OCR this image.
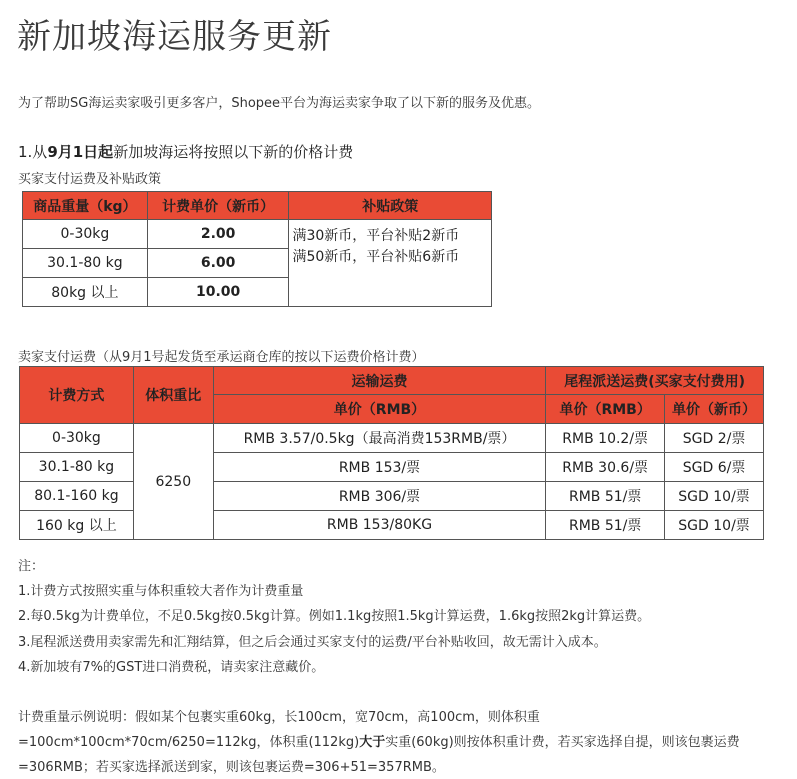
新加坡海运服务更新
为了帮助SG海运卖家吸引更多客户，Shopee平台为海运卖家争取了以下新的服务及优惠。
1.从9月1日起新加坡海运将按照以下新的价格计费
买家支付运费及补贴政策
商品重量（kg）	计费单价（新币）	补贴政策
0-30kg	2.00	满30新币，平台补贴2新币
满50新币，平台补贴6新币

30.1-80 kg	6.00	
80kg 以上	10.00	
卖家支付运费（从9月1号起发货至承运商仓库的按以下运费价格计费）
计费方式	体积重比	运输运费	尾程派送运费(买家支付费用)	
		单价（RMB）	单价（RMB）	单价（新币）
0-30kg	6250	RMB 3.57/0.5kg（最高消费153RMB/票）	RMB 10.2/票	SGD 2/票
30.1-80 kg		RMB 153/票	RMB 30.6/票	SGD 6/票
80.1-160 kg		RMB 306/票	RMB 51/票	SGD 10/票
160 kg 以上		RMB 153/80KG	RMB 51/票	SGD 10/票
注：
1.计费方式按照实重与体积重较大者作为计费重量
2.每0.5kg为计费单位，不足0.5kg按0.5kg计算。例如1.1kg按照1.5kg计算运费，1.6kg按照2kg计算运费。
3.尾程派送费用卖家需先和汇翔结算，但之后会通过买家支付的运费/平台补贴收回，故无需计入成本。
4.新加坡有7%的GST进口消费税，请卖家注意藏价。
计费重量示例说明：假如某个包裹实重60kg，长100cm，宽70cm，高100cm，则体积重
=100cm*100cm*70cm/6250=112kg，体积重(112kg)大于实重(60kg)则按体积重计费，若买家选择自提，则该包裹运费
=306RMB；若买家选择派送到家，则该包裹运费=306+51=357RMB。
